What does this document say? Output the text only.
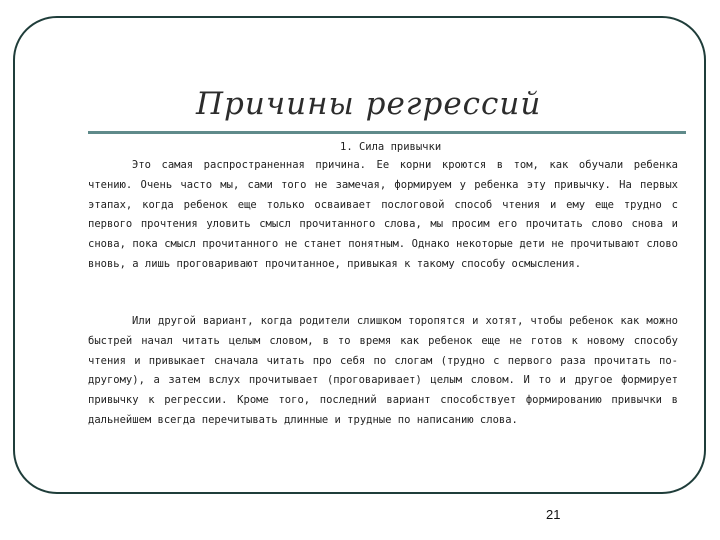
Причины регрессий
1. Сила привычки

Это самая распространенная причина. Ее корни кроются в том, как обучали ребенка чтению. Очень часто мы, сами того не замечая, формируем у ребенка эту привычку. На первых этапах, когда ребенок еще только осваивает послоговой способ чтения и ему еще трудно с первого прочтения уловить смысл прочитанного слова, мы просим его прочитать слово снова и снова, пока смысл прочитанного не станет понятным. Однако некоторые дети не прочитывают слово вновь, а лишь проговаривают прочитанное, привыкая к такому способу осмысления.

Или другой вариант, когда родители слишком торопятся и хотят, чтобы ребенок как можно быстрей начал читать целым словом, в то время как ребенок еще не готов к новому способу чтения и привыкает сначала читать про себя по слогам (трудно с первого раза прочитать по-другому), а затем вслух прочитывает (проговаривает) целым словом. И то и другое формирует привычку к регрессии. Кроме того, последний вариант способствует формированию привычки в дальнейшем всегда перечитывать длинные и трудные по написанию слова.

21
